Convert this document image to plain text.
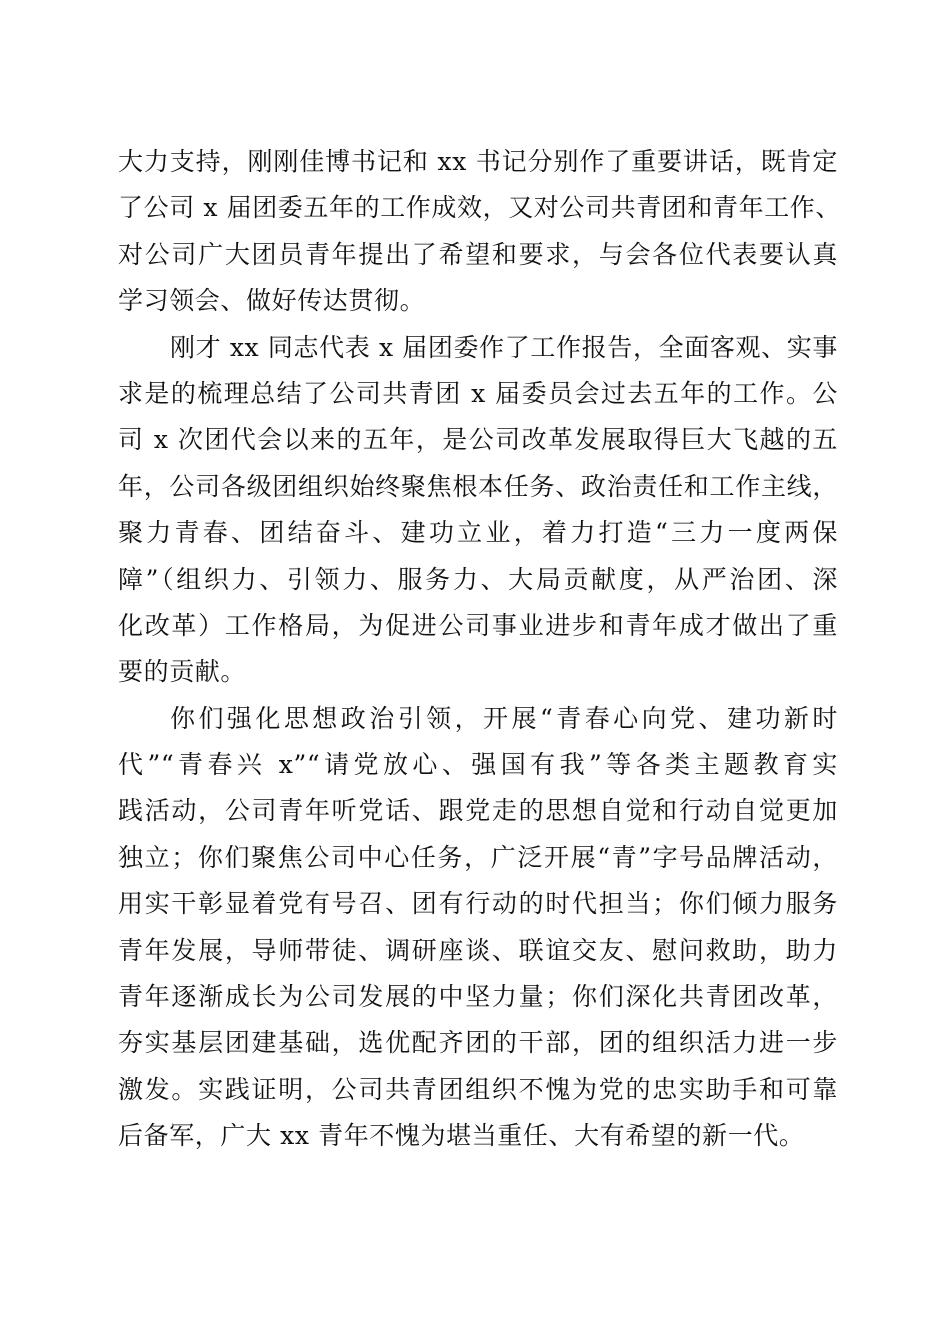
大力支持，刚刚佳博书记和 xx 书记分别作了重要讲话，既肯定
了公司 x 届团委五年的工作成效，又对公司共青团和青年工作、
对公司广大团员青年提出了希望和要求，与会各位代表要认真
学习领会、做好传达贯彻。
刚才 xx 同志代表 x 届团委作了工作报告，全面客观、实事
求是的梳理总结了公司共青团 x 届委员会过去五年的工作。公
司 x 次团代会以来的五年，是公司改革发展取得巨大飞越的五
年，公司各级团组织始终聚焦根本任务、政治责任和工作主线，
聚力青春、团结奋斗、建功立业，着力打造“三力一度两保
障”（组织力、引领力、服务力、大局贡献度，从严治团、深
化改革）工作格局，为促进公司事业进步和青年成才做出了重
要的贡献。
你们强化思想政治引领，开展“青春心向党、建功新时
代”“青春兴 x”“请党放心、强国有我”等各类主题教育实
践活动，公司青年听党话、跟党走的思想自觉和行动自觉更加
独立；你们聚焦公司中心任务，广泛开展“青”字号品牌活动，
用实干彰显着党有号召、团有行动的时代担当；你们倾力服务
青年发展，导师带徒、调研座谈、联谊交友、慰问救助，助力
青年逐渐成长为公司发展的中坚力量；你们深化共青团改革，
夯实基层团建基础，选优配齐团的干部，团的组织活力进一步
激发。实践证明，公司共青团组织不愧为党的忠实助手和可靠
后备军，广大 xx 青年不愧为堪当重任、大有希望的新一代。
